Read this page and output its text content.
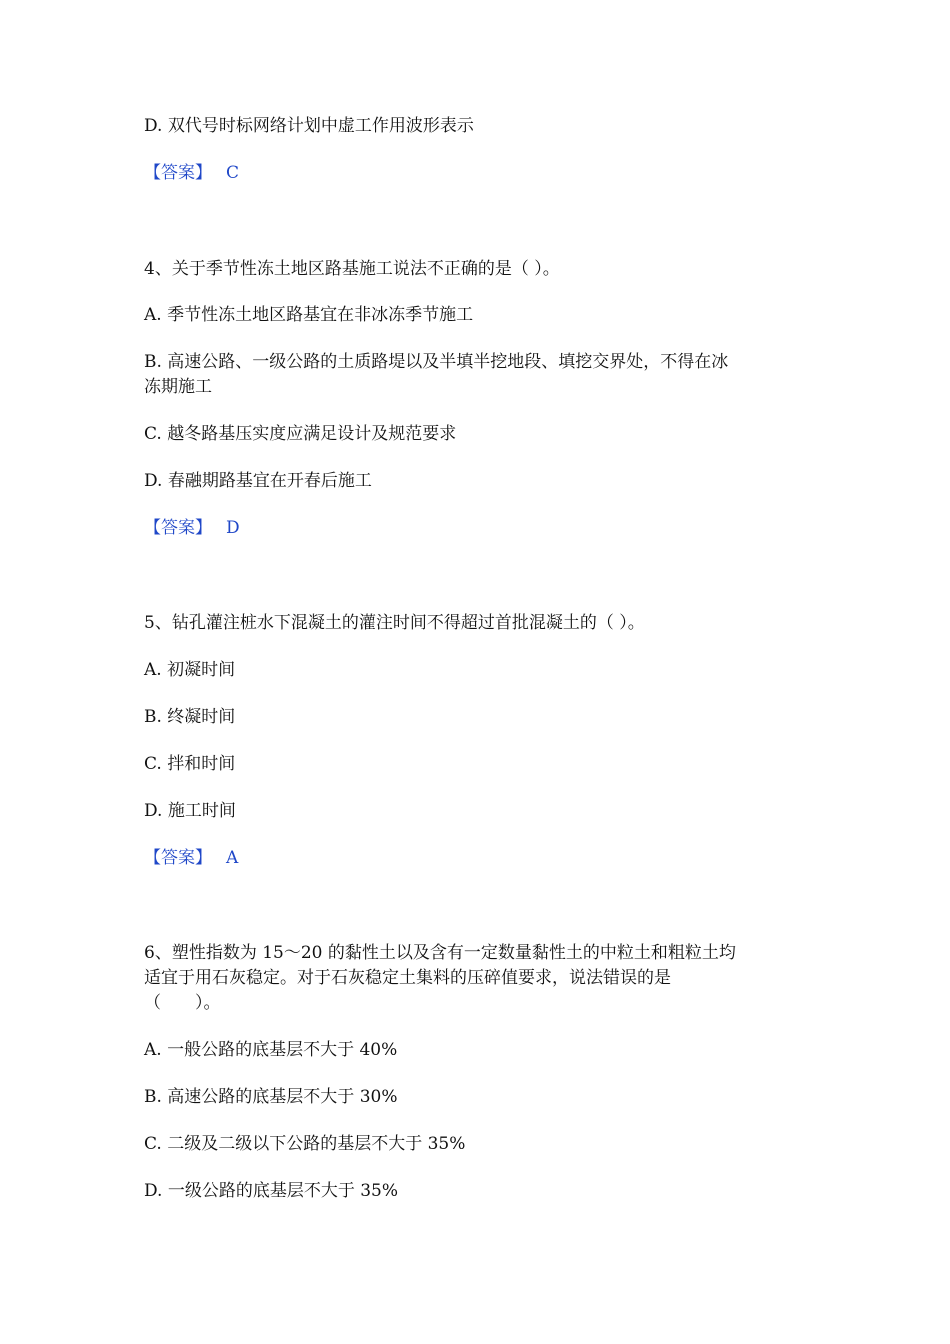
D. 双代号时标网络计划中虚工作用波形表示
【答案】 C
4、关于季节性冻土地区路基施工说法不正确的是（ ）。
A. 季节性冻土地区路基宜在非冰冻季节施工
B. 高速公路、一级公路的土质路堤以及半填半挖地段、填挖交界处，不得在冰
冻期施工
C. 越冬路基压实度应满足设计及规范要求
D. 春融期路基宜在开春后施工
【答案】 D
5、钻孔灌注桩水下混凝土的灌注时间不得超过首批混凝土的（ ）。
A. 初凝时间
B. 终凝时间
C. 拌和时间
D. 施工时间
【答案】 A
6、塑性指数为 15～20 的黏性土以及含有一定数量黏性土的中粒土和粗粒土均
适宜于用石灰稳定。对于石灰稳定土集料的压碎值要求，说法错误的是
（　　）。
A. 一般公路的底基层不大于 40%
B. 高速公路的底基层不大于 30%
C. 二级及二级以下公路的基层不大于 35%
D. 一级公路的底基层不大于 35%
